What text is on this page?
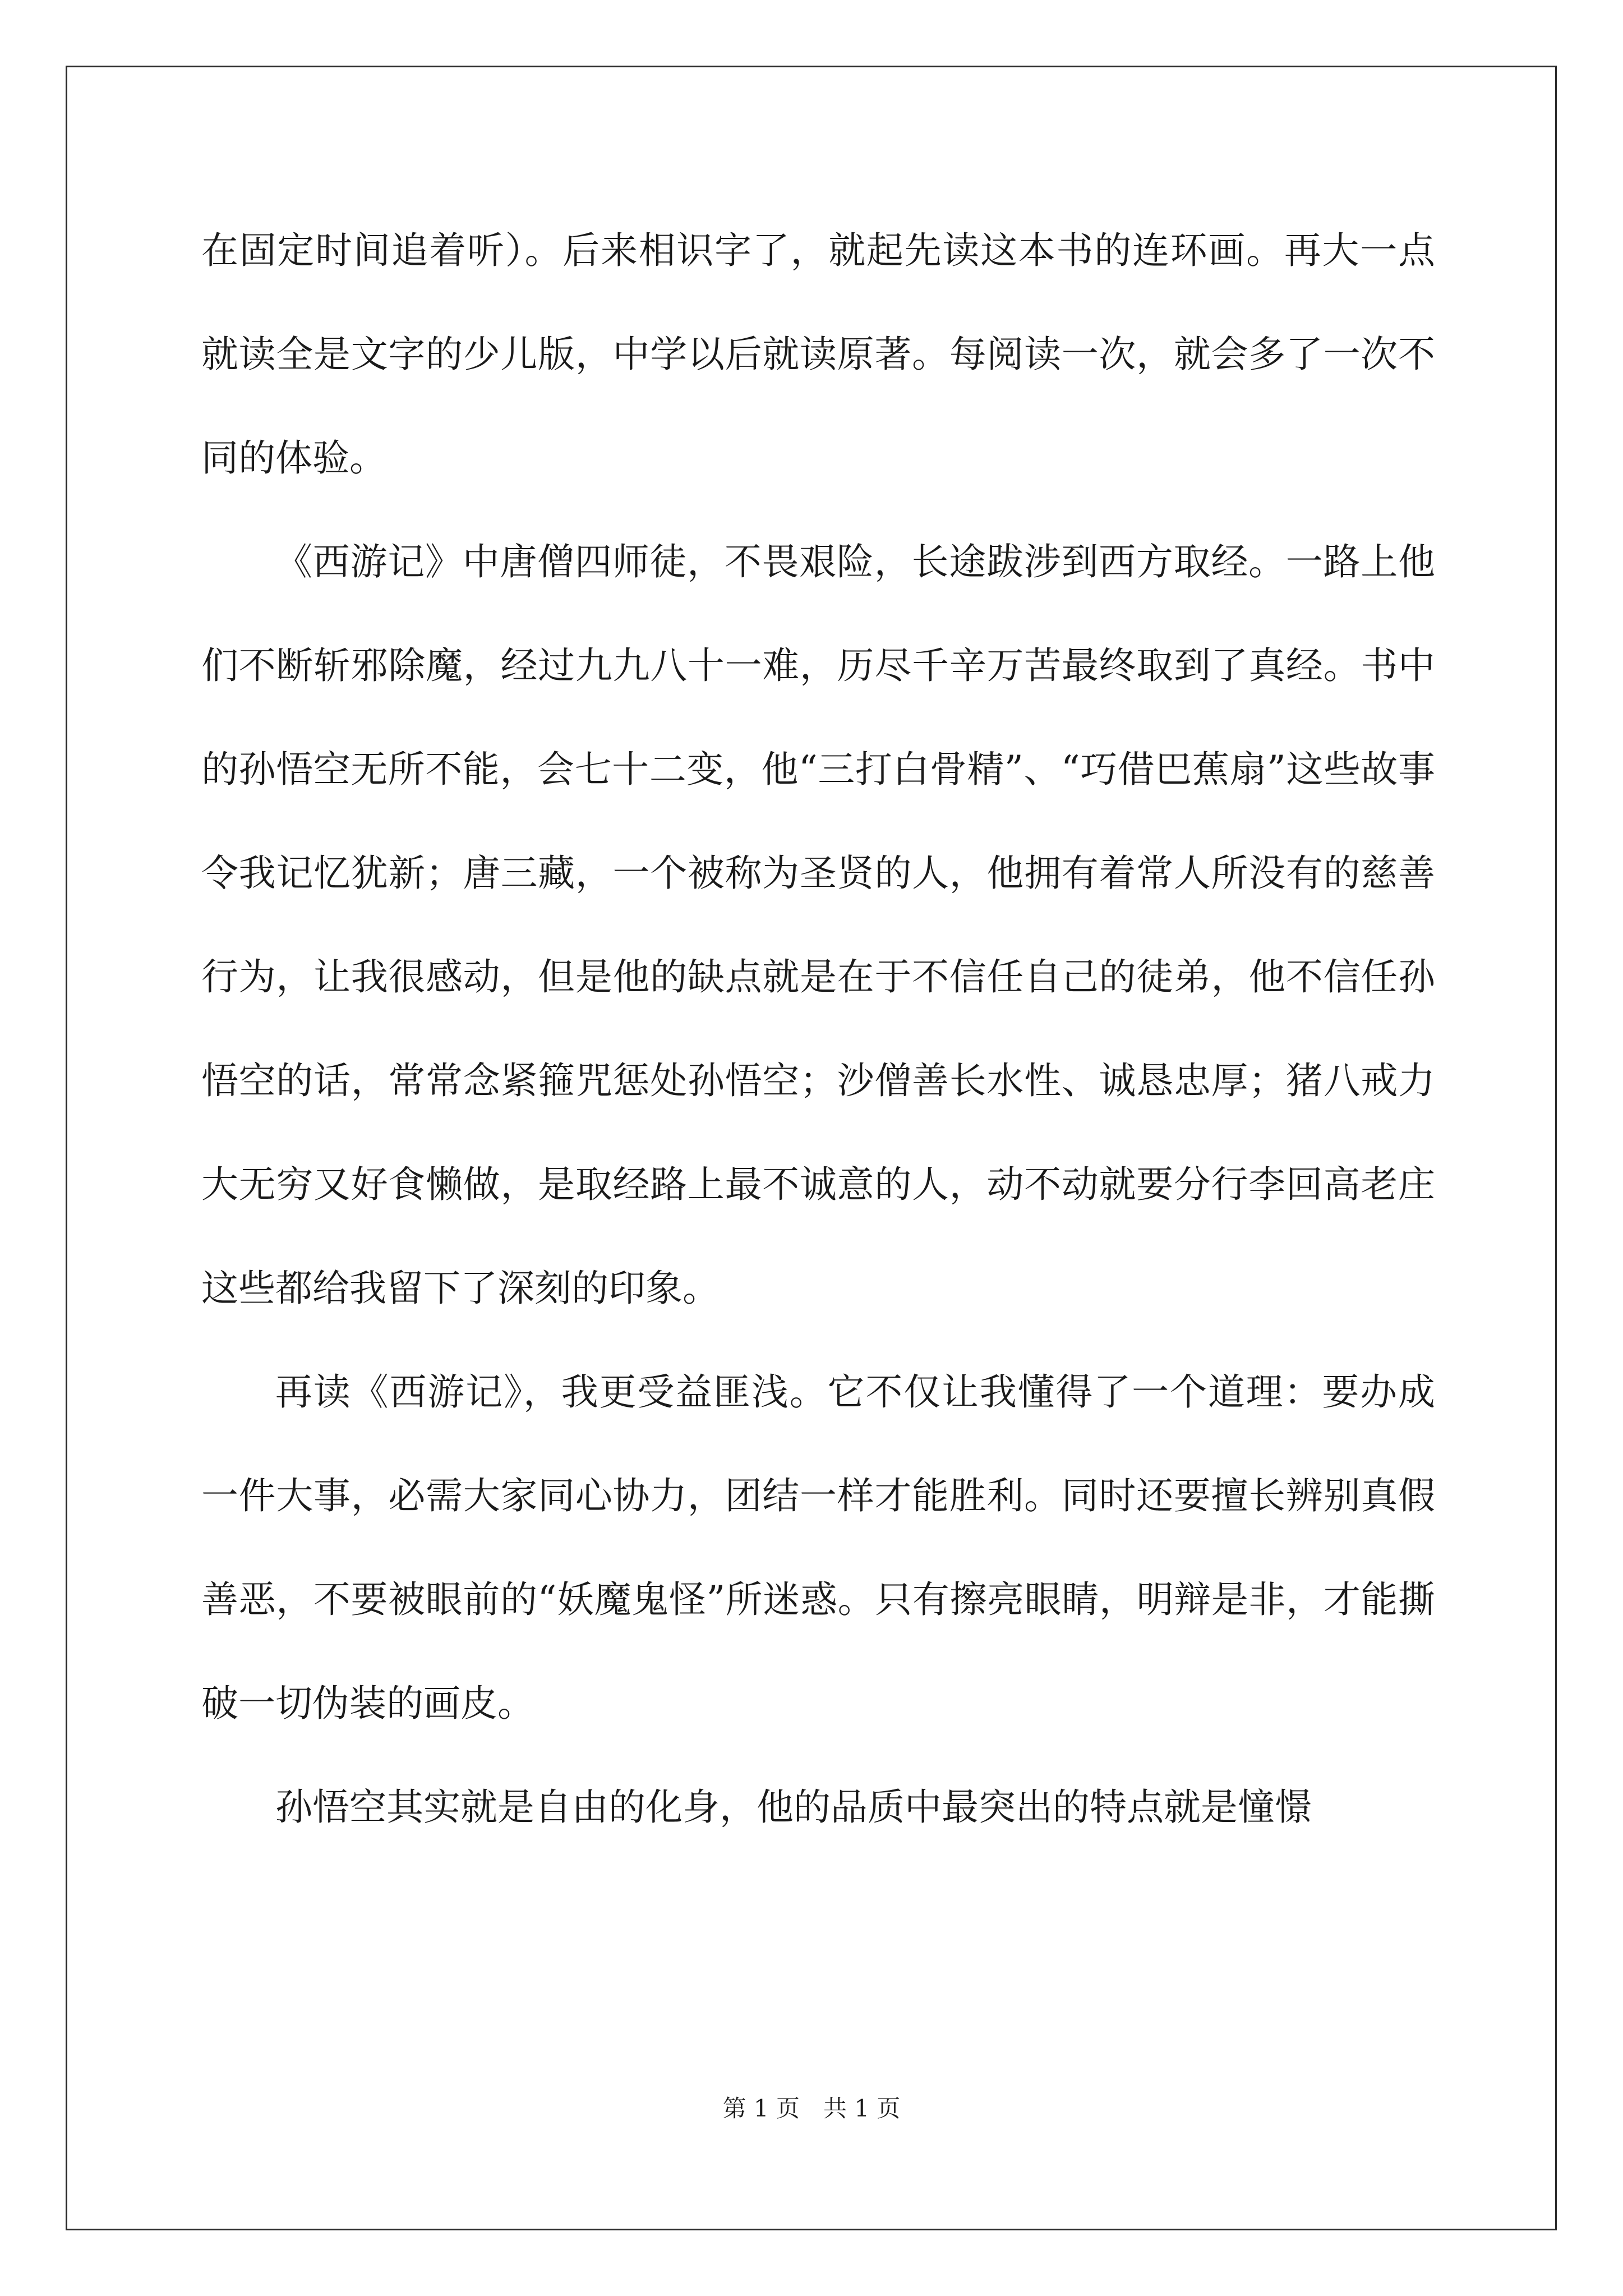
在固定时间追着听）。后来相识字了，就起先读这本书的连环画。再大一点就读全是文字的少儿版，中学以后就读原著。每阅读一次，就会多了一次不同的体验。

《西游记》中唐僧四师徒，不畏艰险，长途跋涉到西方取经。一路上他们不断斩邪除魔，经过九九八十一难，历尽千辛万苦最终取到了真经。书中的孙悟空无所不能，会七十二变，他“三打白骨精”、“巧借巴蕉扇”这些故事令我记忆犹新；唐三藏，一个被称为圣贤的人，他拥有着常人所没有的慈善行为，让我很感动，但是他的缺点就是在于不信任自己的徒弟，他不信任孙悟空的话，常常念紧箍咒惩处孙悟空；沙僧善长水性、诚恳忠厚；猪八戒力大无穷又好食懒做，是取经路上最不诚意的人，动不动就要分行李回高老庄这些都给我留下了深刻的印象。

再读《西游记》，我更受益匪浅。它不仅让我懂得了一个道理：要办成一件大事，必需大家同心协力，团结一样才能胜利。同时还要擅长辨别真假善恶，不要被眼前的“妖魔鬼怪”所迷惑。只有擦亮眼睛，明辩是非，才能撕破一切伪装的画皮。

孙悟空其实就是自由的化身，他的品质中最突出的特点就是憧憬

第 1 页　共 1 页
